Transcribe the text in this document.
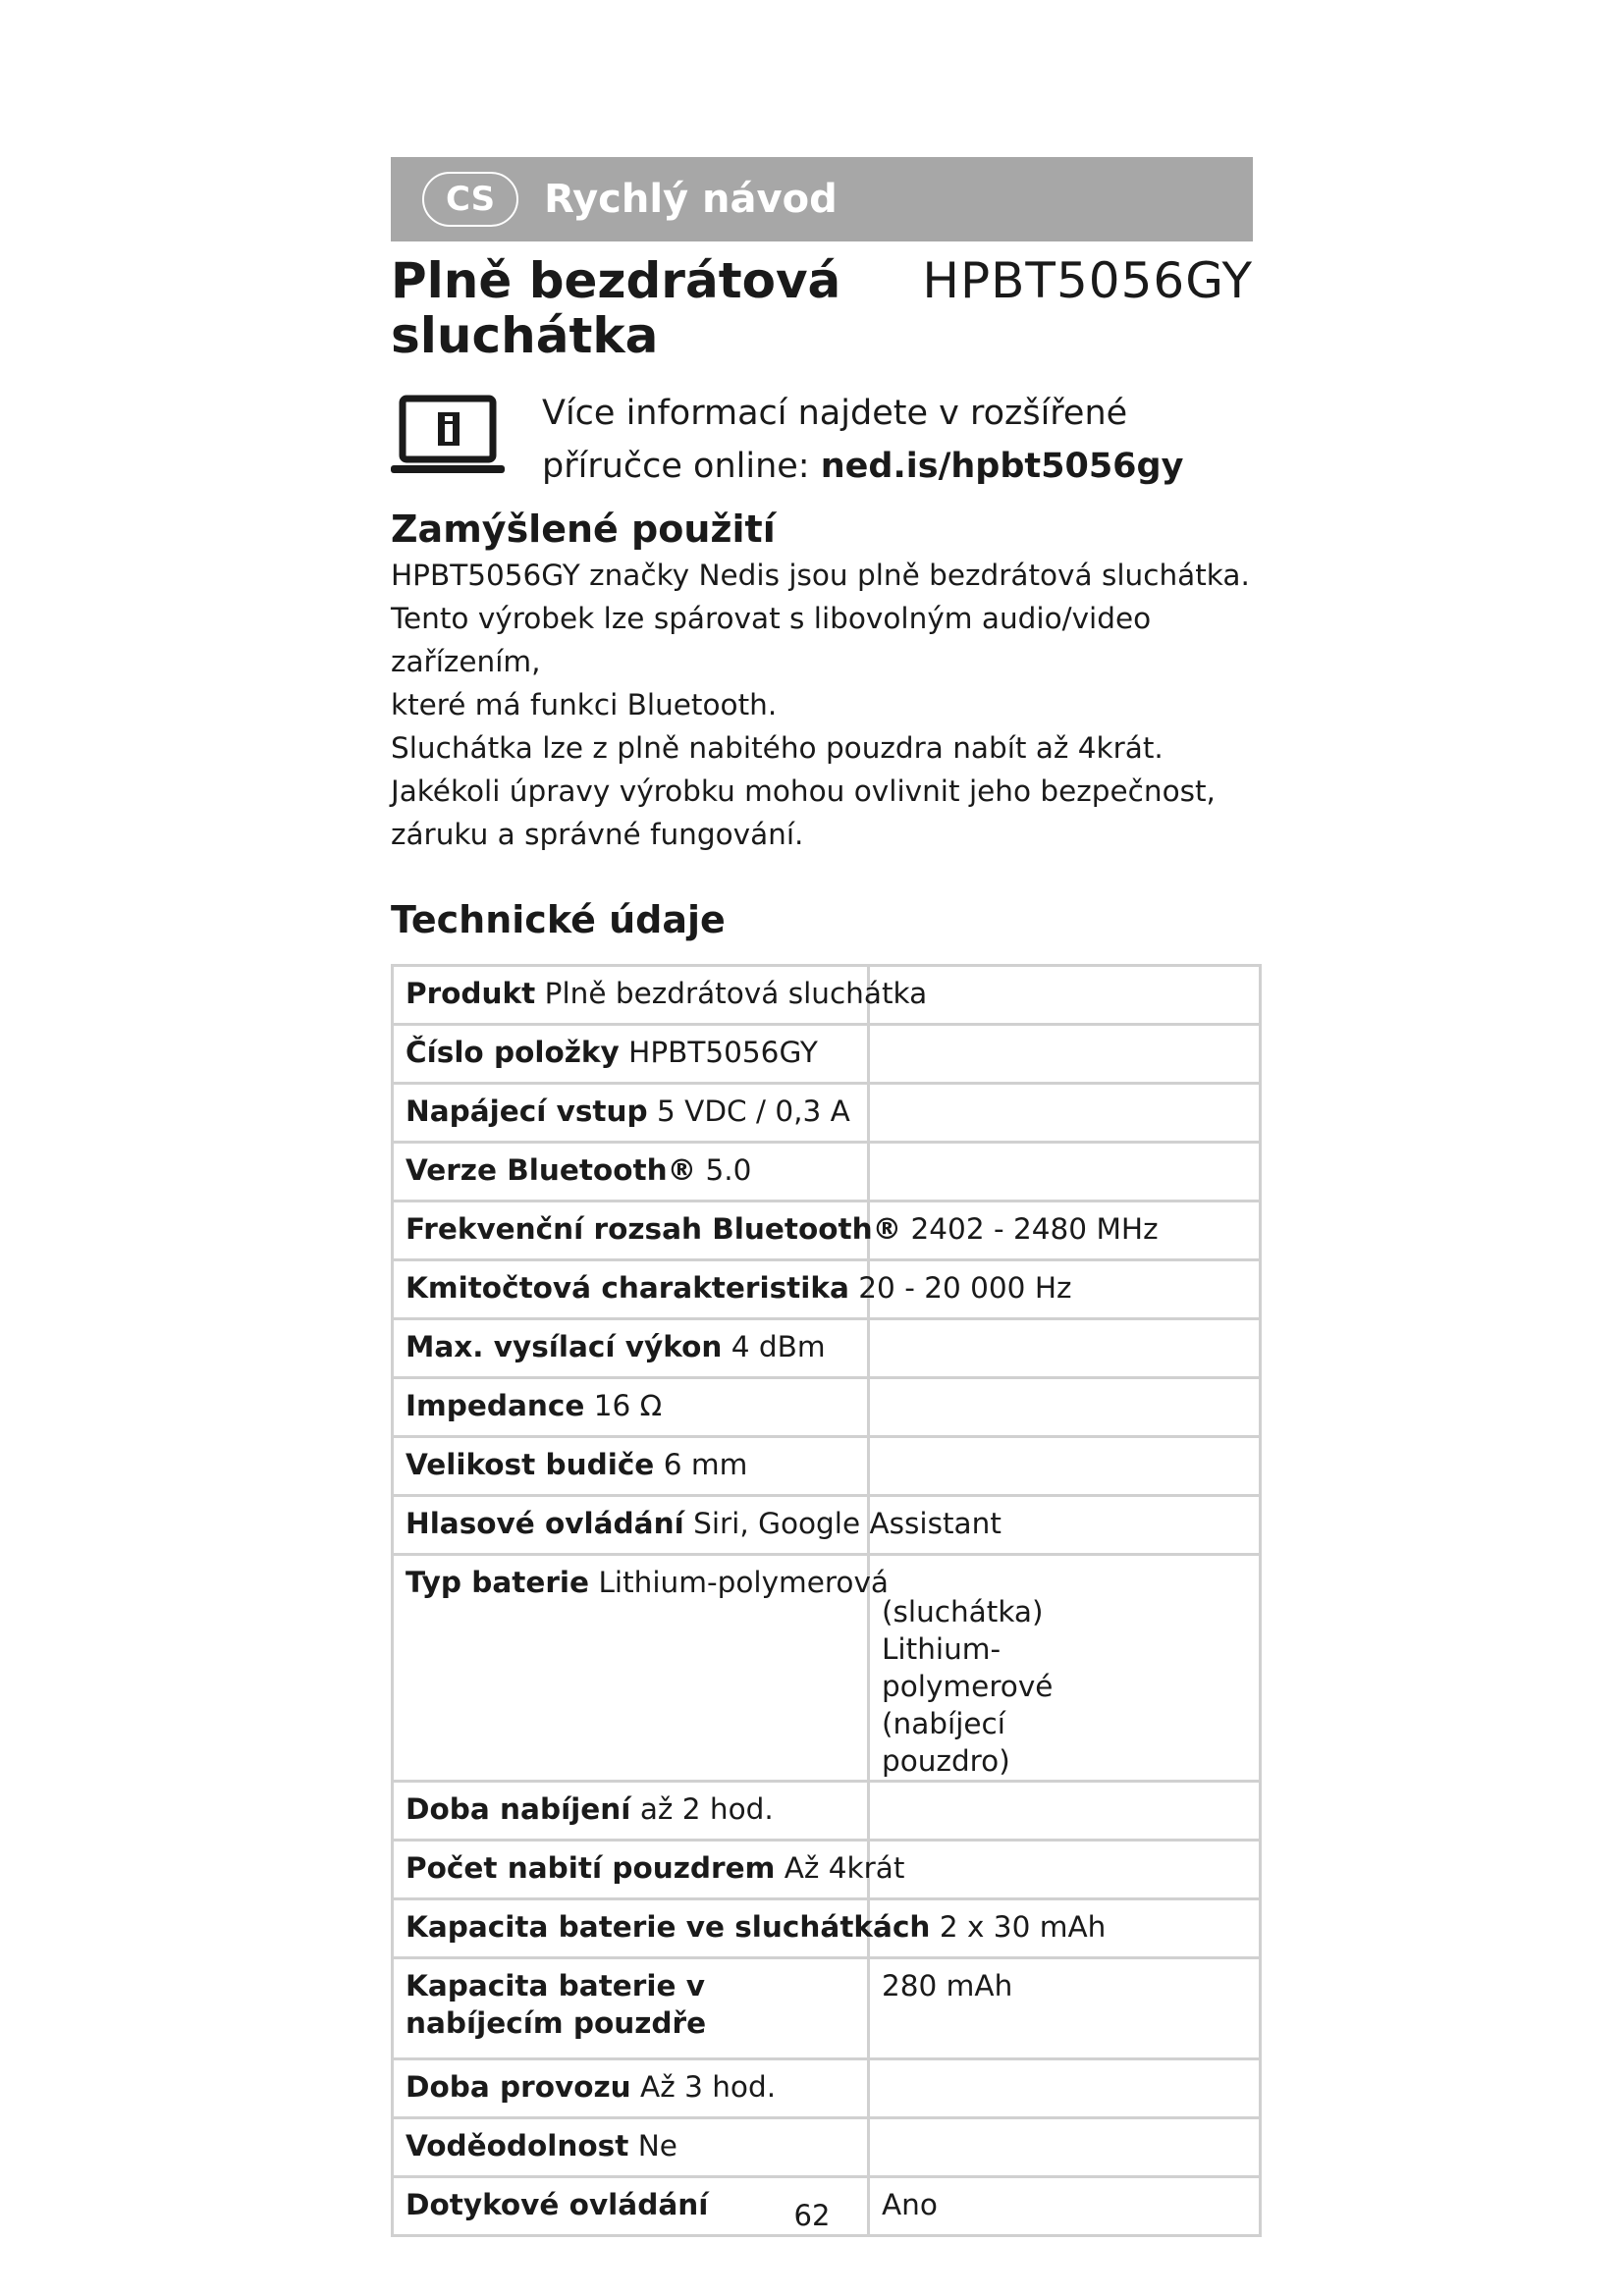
CS	Rychlý návod
Plně bezdrátová sluchátka
HPBT5056GY
Více informací najdete v rozšířené příručce online: ned.is/hpbt5056gy
Zamýšlené použití

HPBT5056GY značky Nedis jsou plně bezdrátová sluchátka.

Tento výrobek lze spárovat s libovolným audio/video zařízením,

které má funkci Bluetooth.

Sluchátka lze z plně nabitého pouzdra nabít až 4krát.

Jakékoli úpravy výrobku mohou ovlivnit jeho bezpečnost,

záruku a správné fungování.

Technické údaje
Produkt Plně bezdrátová sluchátka	
Číslo položky HPBT5056GY	
Napájecí vstup 5 VDC / 0,3 A	
Verze Bluetooth® 5.0	
Frekvenční rozsah Bluetooth® 2402 - 2480 MHz	
Kmitočtová charakteristika 20 - 20 000 Hz	
Max. vysílací výkon 4 dBm	
Impedance 16 Ω	
Velikost budiče 6 mm	
Hlasové ovládání Siri, Google Assistant	
Typ baterie Lithium-polymerová	(sluchátka) Lithium-polymerové (nabíjecí pouzdro)

Doba nabíjení až 2 hod.	
Počet nabití pouzdrem Až 4krát	
Kapacita baterie ve sluchátkách 2 x 30 mAh	
Kapacita baterie v nabíjecím pouzdře	280 mAh

Doba provozu Až 3 hod.	
Voděodolnost Ne	
Dotykové ovládání	Ano
62
